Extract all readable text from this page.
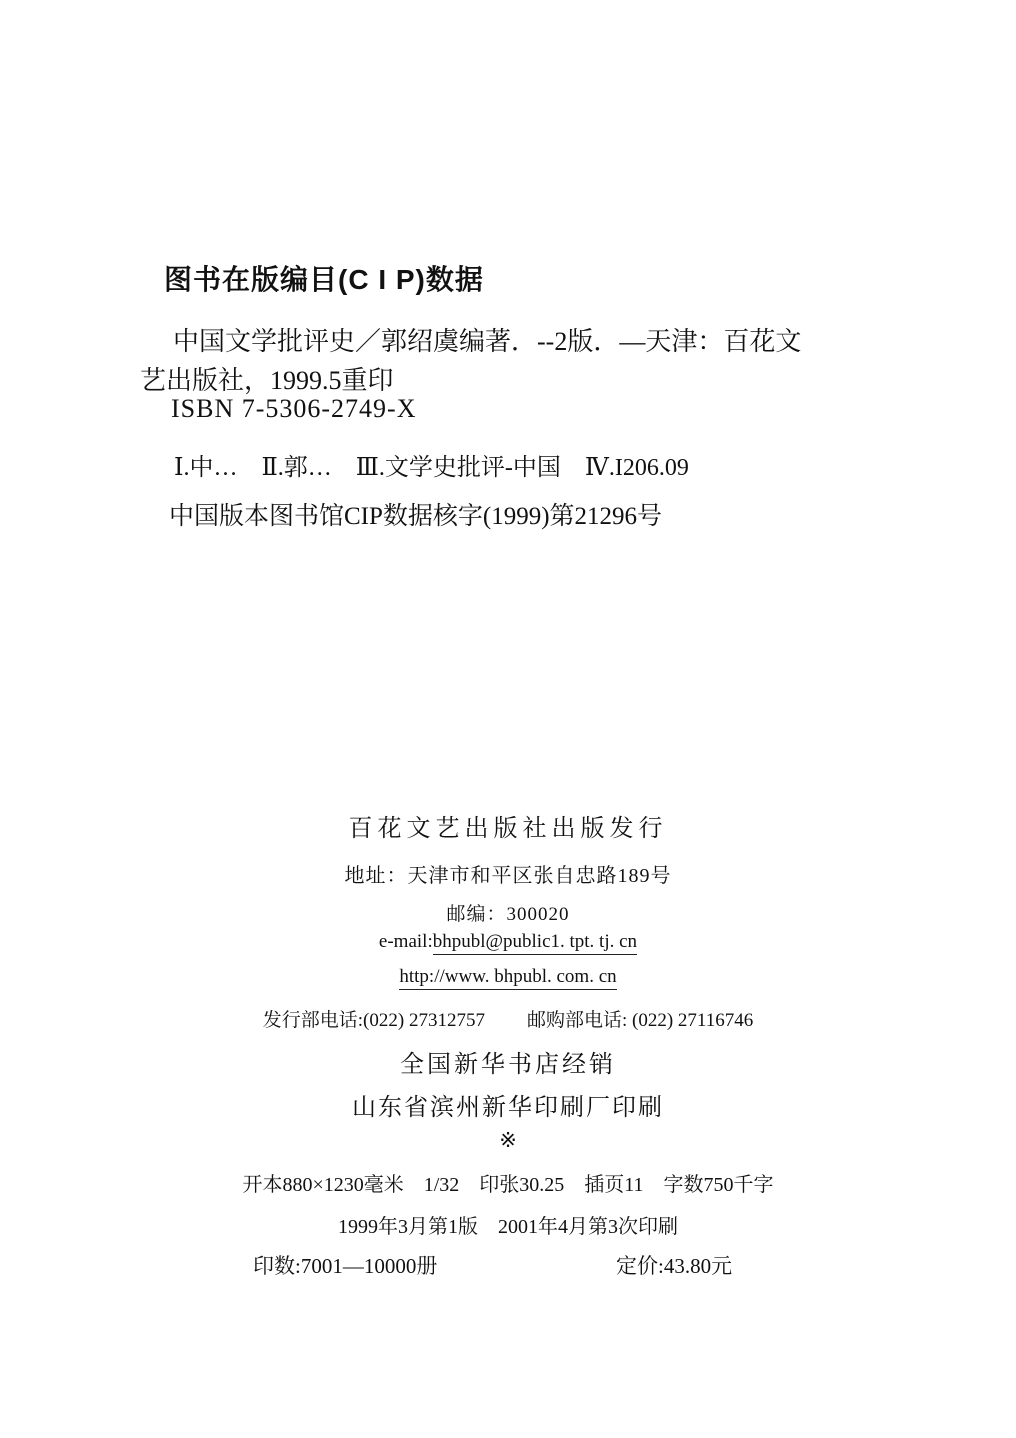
图书在版编目(C I P)数据
中国文学批评史／郭绍虞编著．--2版．—天津：百花文
艺出版社，1999.5重印
ISBN 7-5306-2749-X
Ⅰ.中…　Ⅱ.郭…　Ⅲ.文学史批评-中国　Ⅳ.I206.09
中国版本图书馆CIP数据核字(1999)第21296号
百花文艺出版社出版发行
地址：天津市和平区张自忠路189号
邮编：300020
e-mail:bhpubl@public1. tpt. tj. cn
http://www. bhpubl. com. cn
发行部电话:(022) 27312757 邮购部电话: (022) 27116746
全国新华书店经销
山东省滨州新华印刷厂印刷
※
开本880×1230毫米　1/32　印张30.25　插页11　字数750千字
1999年3月第1版　2001年4月第3次印刷
印数:7001—10000册	定价:43.80元
